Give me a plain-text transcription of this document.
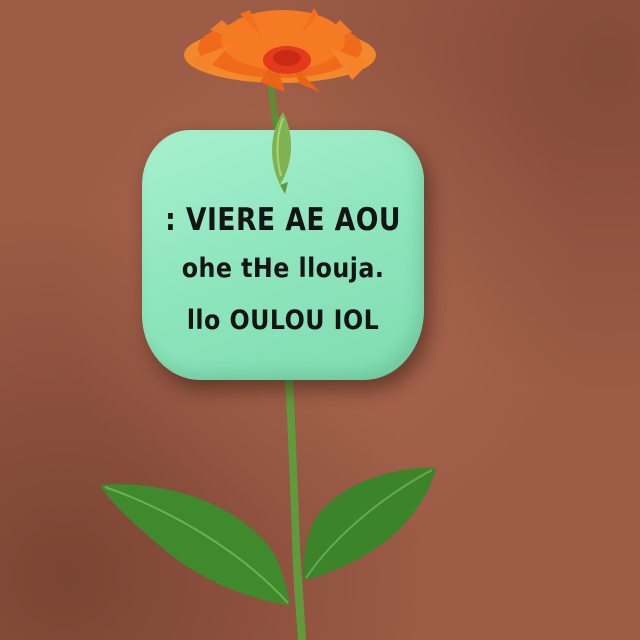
: VIERE AE AOU
ohe tHe llouja.
llo OULOU IOL
